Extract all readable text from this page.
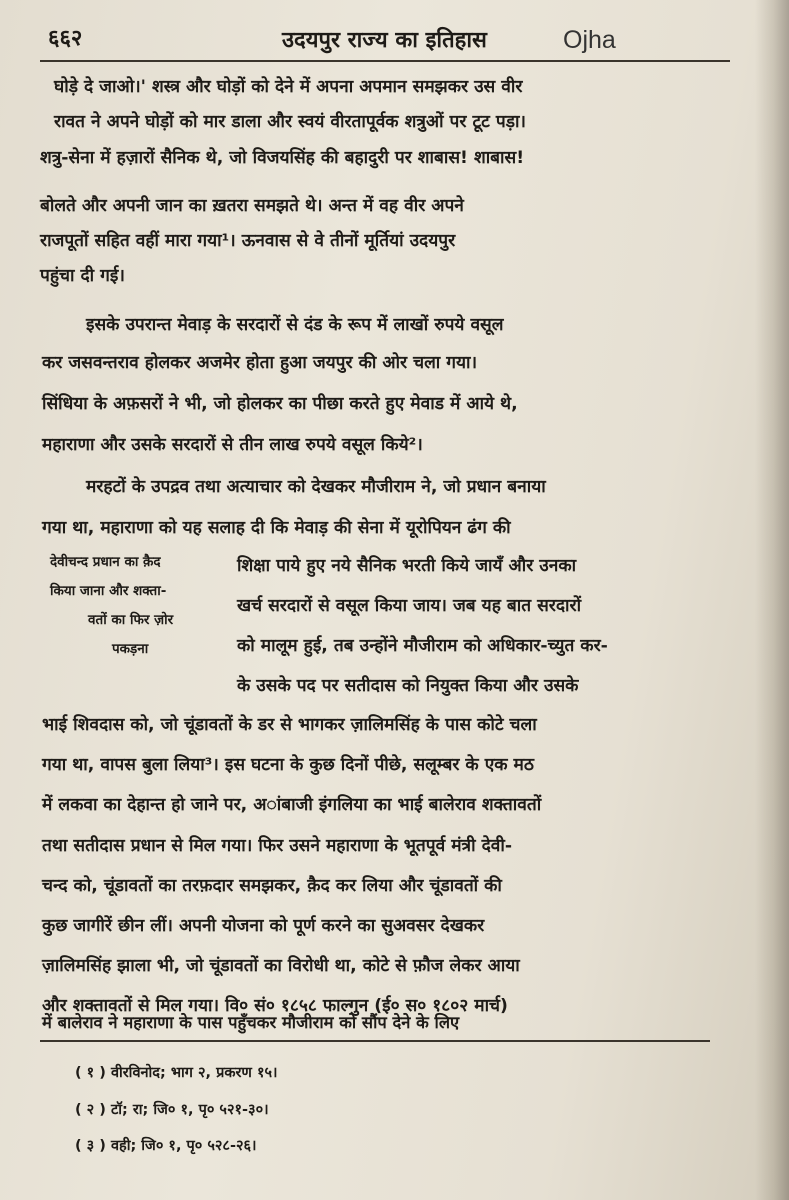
६६२	उदयपुर राज्य का इतिहास	Ojha
घोड़े दे जाओ।' शस्त्र और घोड़ों को देने में अपना अपमान समझकर उस वीर
रावत ने अपने घोड़ों को मार डाला और स्वयं वीरतापूर्वक शत्रुओं पर टूट पड़ा।
शत्रु-सेना में हज़ारों सैनिक थे, जो विजयसिंह की बहादुरी पर शाबास! शाबास!
बोलते और अपनी जान का ख़तरा समझते थे। अन्त में वह वीर अपने
राजपूतों सहित वहीं मारा गया¹। ऊनवास से वे तीनों मूर्तियां उदयपुर
पहुंचा दी गई।
इसके उपरान्त मेवाड़ के सरदारों से दंड के रूप में लाखों रुपये वसूल
कर जसवन्तराव होलकर अजमेर होता हुआ जयपुर की ओर चला गया।
सिंधिया के अफ़सरों ने भी, जो होलकर का पीछा करते हुए मेवाड में आये थे,
महाराणा और उसके सरदारों से तीन लाख रुपये वसूल किये²।
मरहटों के उपद्रव तथा अत्याचार को देखकर मौजीराम ने, जो प्रधान बनाया
गया था, महाराणा को यह सलाह दी कि मेवाड़ की सेना में यूरोपियन ढंग की
शिक्षा पाये हुए नये सैनिक भरती किये जायँ और उनका
खर्च सरदारों से वसूल किया जाय। जब यह बात सरदारों
को मालूम हुई, तब उन्होंने मौजीराम को अधिकार-च्युत कर-
के उसके पद पर सतीदास को नियुक्त किया और उसके
देवीचन्द प्रधान का क़ैद
किया जाना और शक्ता-
वतों का फिर ज़ोर
पकड़ना
भाई शिवदास को, जो चूंडावतों के डर से भागकर ज़ालिमसिंह के पास कोटे चला
गया था, वापस बुला लिया³। इस घटना के कुछ दिनों पीछे, सलूम्बर के एक मठ
में लकवा का देहान्त हो जाने पर, अांबाजी इंगलिया का भाई बालेराव शक्तावतों
तथा सतीदास प्रधान से मिल गया। फिर उसने महाराणा के भूतपूर्व मंत्री देवी-
चन्द को, चूंडावतों का तरफ़दार समझकर, क़ैद कर लिया और चूंडावतों की
कुछ जागीरें छीन लीं। अपनी योजना को पूर्ण करने का सुअवसर देखकर
ज़ालिमसिंह झाला भी, जो चूंडावतों का विरोधी था, कोटे से फ़ौज लेकर आया
और शक्तावतों से मिल गया। वि० सं० १८५८ फाल्गुन (ई० स० १८०२ मार्च)
में बालेराव ने महाराणा के पास पहुँचकर मौजीराम को सौंप देने के लिए
( १ ) वीरविनोद; भाग २, प्रकरण १५।
( २ ) टॉ; रा; जि० १, पृ० ५२१-३०।
( ३ ) वही; जि० १, पृ० ५२८-२६।
